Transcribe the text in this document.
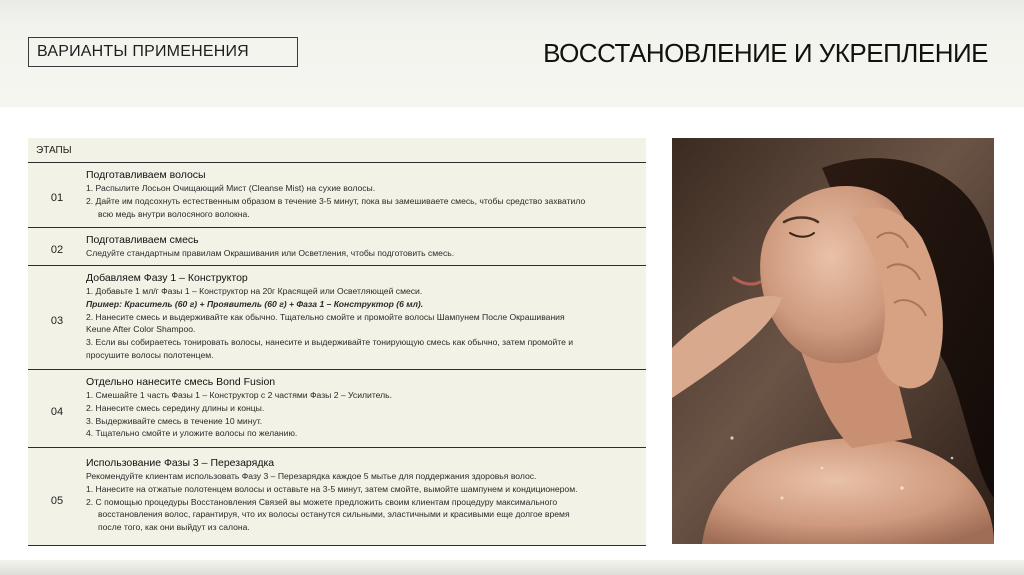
ВАРИАНТЫ ПРИМЕНЕНИЯ	ВОССТАНОВЛЕНИЕ И УКРЕПЛЕНИЕ
ЭТАПЫ
01
Подготавливаем волосы
1. Распылите Лосьон Очищающий Мист (Cleanse Mist) на сухие волосы.
2. Дайте им подсохнуть естественным образом в течение 3-5 минут, пока вы замешиваете смесь, чтобы средство захватило
всю медь внутри волосяного волокна.
02
Подготавливаем смесь
Следуйте стандартным правилам Окрашивания или Осветления, чтобы подготовить смесь.
03
Добавляем Фазу 1 – Конструктор
1. Добавьте 1 мл/г Фазы 1 – Конструктор на 20г Красящей или Осветляющей смеси.
Пример: Краситель (60 г) + Проявитель (60 г) + Фаза 1 – Конструктор (6 мл).
2. Нанесите смесь и выдерживайте как обычно. Тщательно смойте и промойте волосы Шампунем После Окрашивания
Keune After Color Shampoo.
3. Если вы собираетесь тонировать волосы, нанесите и выдерживайте тонирующую смесь как обычно, затем промойте и
просушите волосы полотенцем.
04
Отдельно нанесите смесь Bond Fusion
1. Смешайте 1 часть Фазы 1 – Конструктор с 2 частями Фазы 2 – Усилитель.
2. Нанесите смесь середину длины и концы.
3. Выдерживайте смесь в течение 10 минут.
4. Тщательно смойте и уложите волосы по желанию.
05
Использование Фазы 3 – Перезарядка
Рекомендуйте клиентам использовать Фазу 3 – Перезарядка каждое 5 мытье для поддержания здоровья волос.
1. Нанесите на отжатые полотенцем волосы и оставьте на 3-5 минут, затем смойте, вымойте шампунем и кондиционером.
2. С помощью процедуры Восстановления Связей вы можете предложить своим клиентам процедуру максимального
восстановления волос, гарантируя, что их волосы останутся сильными, эластичными и красивыми еще долгое время
после того, как они выйдут из салона.
